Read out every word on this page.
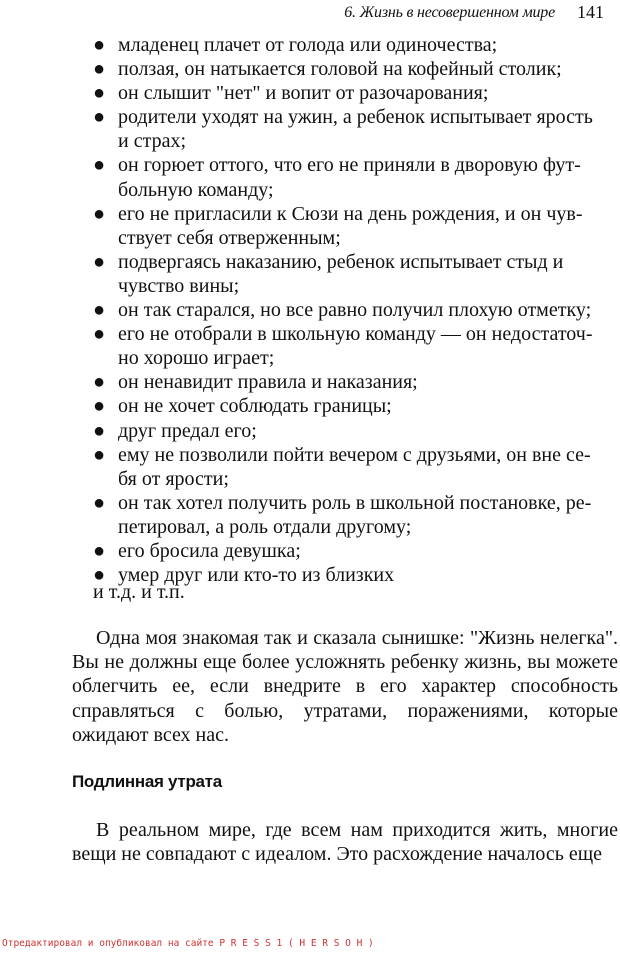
6. Жизнь в несовершенном мире 141
● младенец плачет от голода или одиночества;
● ползая, он натыкается головой на кофейный столик;
● он слышит "нет" и вопит от разочарования;
● родители уходят на ужин, а ребенок испытывает ярость
и страх;
● он горюет оттого, что его не приняли в дворовую фут-
больную команду;
● его не пригласили к Сюзи на день рождения, и он чув-
ствует себя отверженным;
● подвергаясь наказанию, ребенок испытывает стыд и
чувство вины;
● он так старался, но все равно получил плохую отметку;
● его не отобрали в школьную команду — он недостаточ-
но хорошо играет;
● он ненавидит правила и наказания;
● он не хочет соблюдать границы;
● друг предал его;
● ему не позволили пойти вечером с друзьями, он вне се-
бя от ярости;
● он так хотел получить роль в школьной постановке, ре-
петировал, а роль отдали другому;
● его бросила девушка;
● умер друг или кто-то из близких
и т.д. и т.п.

Одна моя знакомая так и сказала сынишке: "Жизнь нелегка". Вы не должны еще более усложнять ребенку жизнь, вы можете облегчить ее, если внедрите в его характер способность справляться с болью, утратами, поражениями, которые ожидают всех нас.

Подлинная утрата

В реальном мире, где всем нам приходится жить, многие вещи не совпадают с идеалом. Это расхождение началось еще

Отредактировал и опубликовал на сайте P R E S S 1 ( H E R S O H )
